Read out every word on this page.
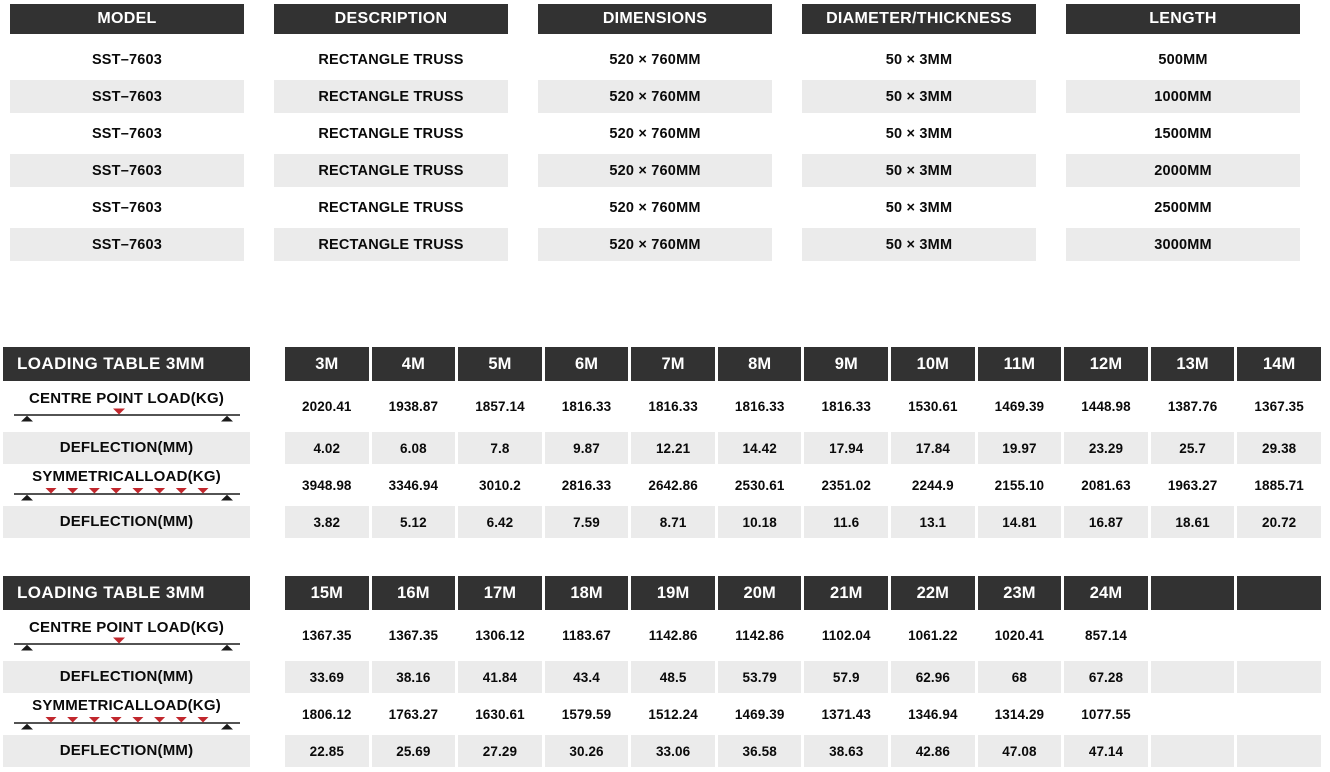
MODEL	DESCRIPTION	DIMENSIONS	DIAMETER/THICKNESS	LENGTH
SST–7603	RECTANGLE TRUSS	520 × 760MM	50 × 3MM	500MM
SST–7603	RECTANGLE TRUSS	520 × 760MM	50 × 3MM	1000MM
SST–7603	RECTANGLE TRUSS	520 × 760MM	50 × 3MM	1500MM
SST–7603	RECTANGLE TRUSS	520 × 760MM	50 × 3MM	2000MM
SST–7603	RECTANGLE TRUSS	520 × 760MM	50 × 3MM	2500MM
SST–7603	RECTANGLE TRUSS	520 × 760MM	50 × 3MM	3000MM
LOADING TABLE 3MM	3M	4M	5M	6M	7M	8M	9M	10M	11M	12M	13M	14M
CENTRE POINT LOAD(KG)	2020.41	1938.87	1857.14	1816.33	1816.33	1816.33	1816.33	1530.61	1469.39	1448.98	1387.76	1367.35
DEFLECTION(MM)	4.02	6.08	7.8	9.87	12.21	14.42	17.94	17.84	19.97	23.29	25.7	29.38
SYMMETRICALLOAD(KG)	3948.98	3346.94	3010.2	2816.33	2642.86	2530.61	2351.02	2244.9	2155.10	2081.63	1963.27	1885.71
DEFLECTION(MM)	3.82	5.12	6.42	7.59	8.71	10.18	11.6	13.1	14.81	16.87	18.61	20.72
LOADING TABLE 3MM	15M	16M	17M	18M	19M	20M	21M	22M	23M	24M
CENTRE POINT LOAD(KG)	1367.35	1367.35	1306.12	1183.67	1142.86	1142.86	1102.04	1061.22	1020.41	857.14
DEFLECTION(MM)	33.69	38.16	41.84	43.4	48.5	53.79	57.9	62.96	68	67.28
SYMMETRICALLOAD(KG)	1806.12	1763.27	1630.61	1579.59	1512.24	1469.39	1371.43	1346.94	1314.29	1077.55
DEFLECTION(MM)	22.85	25.69	27.29	30.26	33.06	36.58	38.63	42.86	47.08	47.14
